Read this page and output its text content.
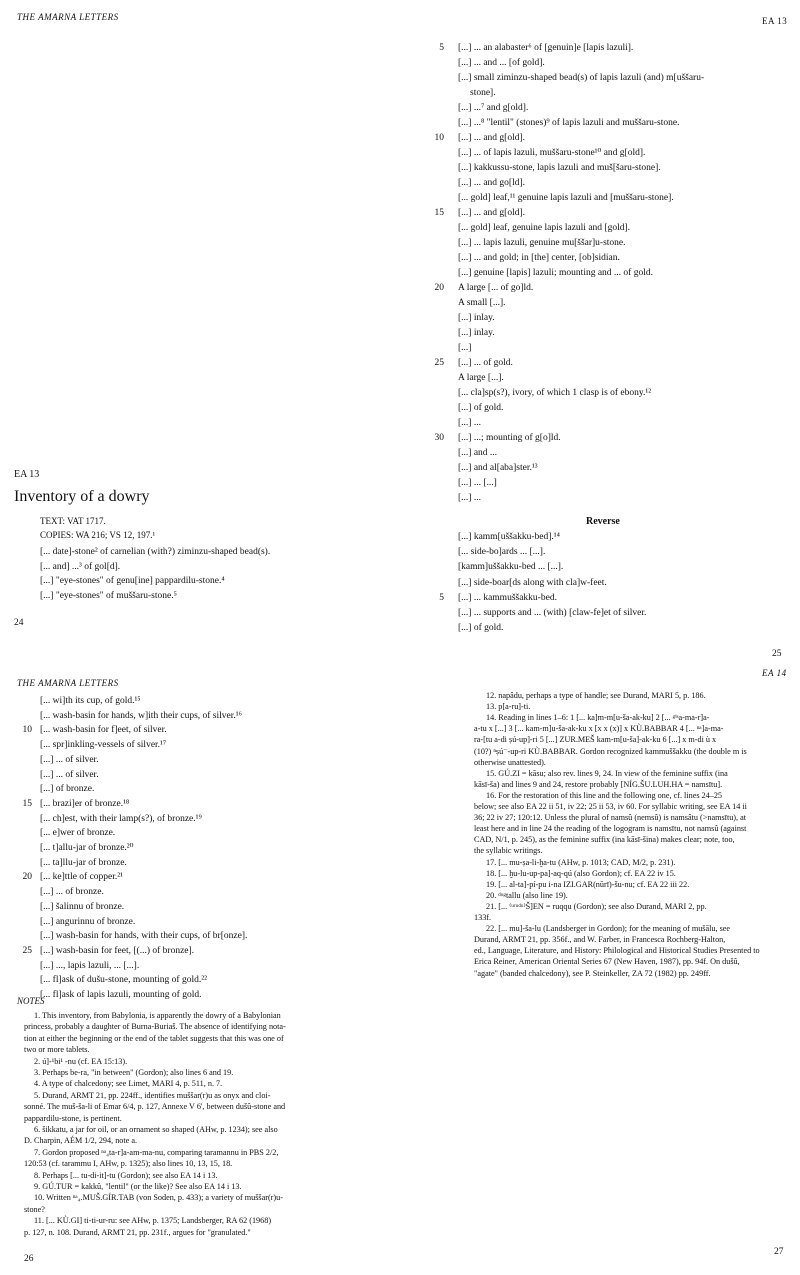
THE AMARNA LETTERS
EA 13
Inventory of a dowry
TEXT: VAT 1717.
COPIES: WA 216; VS 12, 197.¹
[... date]-stone² of carnelian (with?) ziminzu-shaped bead(s).
[... and] ...³ of gol[d].
[...] "eye-stones" of genu[ine] pappardilu-stone.⁴
[...] "eye-stones" of muššaru-stone.⁵
24
EA 13
5 [...] ... an alabaster⁶ of [genuin]e [lapis lazuli].
[...] ... and ... [of gold].
[...] small ziminzu-shaped bead(s) of lapis lazuli (and) m[uššaru-
stone].
[...] ...⁷ and g[old].
[...] ...⁸ "lentil" (stones)⁹ of lapis lazuli and muššaru-stone.
10 [...] ... and g[old].
[...] ... of lapis lazuli, muššaru-stone¹⁰ and g[old].
[...] kakkussu-stone, lapis lazuli and muš[šaru-stone].
[...] ... and go[ld].
[... gold] leaf,¹¹ genuine lapis lazuli and [muššaru-stone].
15 [...] ... and g[old].
[... gold] leaf, genuine lapis lazuli and [gold].
[...] ... lapis lazuli, genuine mu[ššar]u-stone.
[...] ... and gold; in [the] center, [ob]sidian.
[...] genuine [lapis] lazuli; mounting and ... of gold.
20 A large [... of go]ld.
A small [...].
[...] inlay.
[...] inlay.
[...]
25 [...] ... of gold.
A large [...].
[... cla]sp(s?), ivory, of which 1 clasp is of ebony.¹²
[...] of gold.
[...] ...
30 [...] ...; mounting of g[o]ld.
[...] and ...
[...] and al[aba]ster.¹³
[...] ... [...]
[...] ...
Reverse
[...] kamm[uššakku-bed].¹⁴
[... side-bo]ards ... [...].
[kamm]uššakku-bed ... [...].
[...] side-boar[ds along with cla]w-feet.
5 [...] ... kammuššakku-bed.
[...] ... supports and ... (with) [claw-fe]et of silver.
[...] of gold.
25
THE AMARNA LETTERS
[... wi]th its cup, of gold.¹⁵
[... wash-basin for hands, w]ith their cups, of silver.¹⁶
10 [... wash-basin for f]eet, of silver.
[... spr]inkling-vessels of silver.¹⁷
[...] ... of silver.
[...] ... of silver.
[...] of bronze.
15 [... brazi]er of bronze.¹⁸
[... ch]est, with their lamp(s?), of bronze.¹⁹
[... e]wer of bronze.
[... t]allu-jar of bronze.²⁰
[... ta]llu-jar of bronze.
20 [... ke]ttle of copper.²¹
[...] ... of bronze.
[...] šalinnu of bronze.
[...] angurinnu of bronze.
[...] wash-basin for hands, with their cups, of br[onze].
25 [...] wash-basin for feet, [(...) of bronze].
[...] ..., lapis lazuli, ... [...].
[... fl]ask of dušu-stone, mounting of gold.²²
[... fl]ask of lapis lazuli, mounting of gold.
NOTES
1. This inventory, from Babylonia, is apparently the dowry of a Babylonian
princess, probably a daughter of Burna-Buriaš. The absence of identifying nota-
tion at either the beginning or the end of the tablet suggests that this was one of
two or more tablets.
2. ú]-¹bi¹ -nu (cf. EA 15:13).
3. Perhaps be-ra, "in between" (Gordon); also lines 6 and 19.
4. A type of chalcedony; see Limet, MARI 4, p. 511, n. 7.
5. Durand, ARMT 21, pp. 224ff., identifies muššar(r)u as onyx and cloi-
sonné. The muš-ša-li of Emar 6/4, p. 127, Annexe V 6', between dušû-stone and
pappardilu-stone, is pertinent.
6. šikkatu, a jar for oil, or an ornament so shaped (AHw, p. 1234); see also
D. Charpin, AÉM 1/2, 294, note a.
7. Gordon proposed ⁿᵃ₄ta-r]a-am-ma-nu, comparing taramannu in PBS 2/2,
120:53 (cf. tarammu I, AHw, p. 1325); also lines 10, 13, 15, 18.
8. Perhaps [... tu-di-it]-tu (Gordon); see also EA 14 i 13.
9. GÚ.TUR = kakkû, "lentil" (or the like)? See also EA 14 i 13.
10. Written ⁿᵃ₄.MUŠ.GÍR.TAB (von Soden, p. 433); a variety of muššar(r)u-
stone?
11. [... KÙ.GI] ti-ti-ur-ru: see AHw, p. 1375; Landsberger, RA 62 (1968)
p. 127, n. 108. Durand, ARMT 21, pp. 231f., argues for "granulated."
26
EA 14
12. napâdu, perhaps a type of handle; see Durand, MARI 5, p. 186.
13. p[a-ru]-ti.
14. Reading in lines 1–6: 1 [... ka]m-m[u-ša-ak-ku] 2 [... ᵍⁱˢa-ma-r]a-
a-tu x [...] 3 [... kam-m]u-ša-ak-ku x [x x (x)] x KÙ.BABBAR 4 [... ⁿᵃ]a-ma-
ra-[tu a-di ṣú-up]-ri 5 [...] ZUR.MEŠ kam-m[u-ša]-ak-ku 6 [...] x m-di ù x
(10?) ⁿṣú⁻-up-ri KÙ.BABBAR. Gordon recognized kammuššakku (the double m is
otherwise unattested).
15. GÚ.ZI = kāsu; also rev. lines 9, 24. In view of the feminine suffix (ina
kāsī-ša) and lines 9 and 24, restore probably [NÍG.ŠU.LUH.HA = namsītu].
16. For the restoration of this line and the following one, cf. lines 24–25
below; see also EA 22 ii 51, iv 22; 25 ii 53, iv 60. For syllabic writing, see EA 14 ii
36; 22 iv 27; 120:12. Unless the plural of namsû (nemsû) is namsâtu (>namsītu), at
least here and in line 24 the reading of the logogram is namsītu, not namsû (against
CAD, N/1, p. 245), as the feminine suffix (ina kāsī-šina) makes clear; note, too,
the syllabic writings.
17. [... mu-ṣa-li-ḫa-tu (AHw, p. 1013; CAD, M/2, p. 231).
18. [... ḫu-lu-up-pa]-aq-qú (also Gordon); cf. EA 22 iv 15.
19. [... al-ta]-pí-pu i-na IZI.GAR(nūrī)-šu-nu; cf. EA 22 iii 22.
20. ᵈᵘᵍtallu (also line 19).
21. [... ⁽ᵘʳᵘᵈᵘ⁾Š]EN = ruqqu (Gordon); see also Durand, MARI 2, pp.
133f.
22. [... mu]-ša-lu (Landsberger in Gordon); for the meaning of mušālu, see
Durand, ARMT 21, pp. 356f., and W. Farber, in Francesca Rochberg-Halton,
ed., Language, Literature, and History: Philological and Historical Studies Presented to
Erica Reiner, American Oriental Series 67 (New Haven, 1987), pp. 94f. On dušû,
"agate" (banded chalcedony), see P. Steinkeller, ZA 72 (1982) pp. 249ff.
27
